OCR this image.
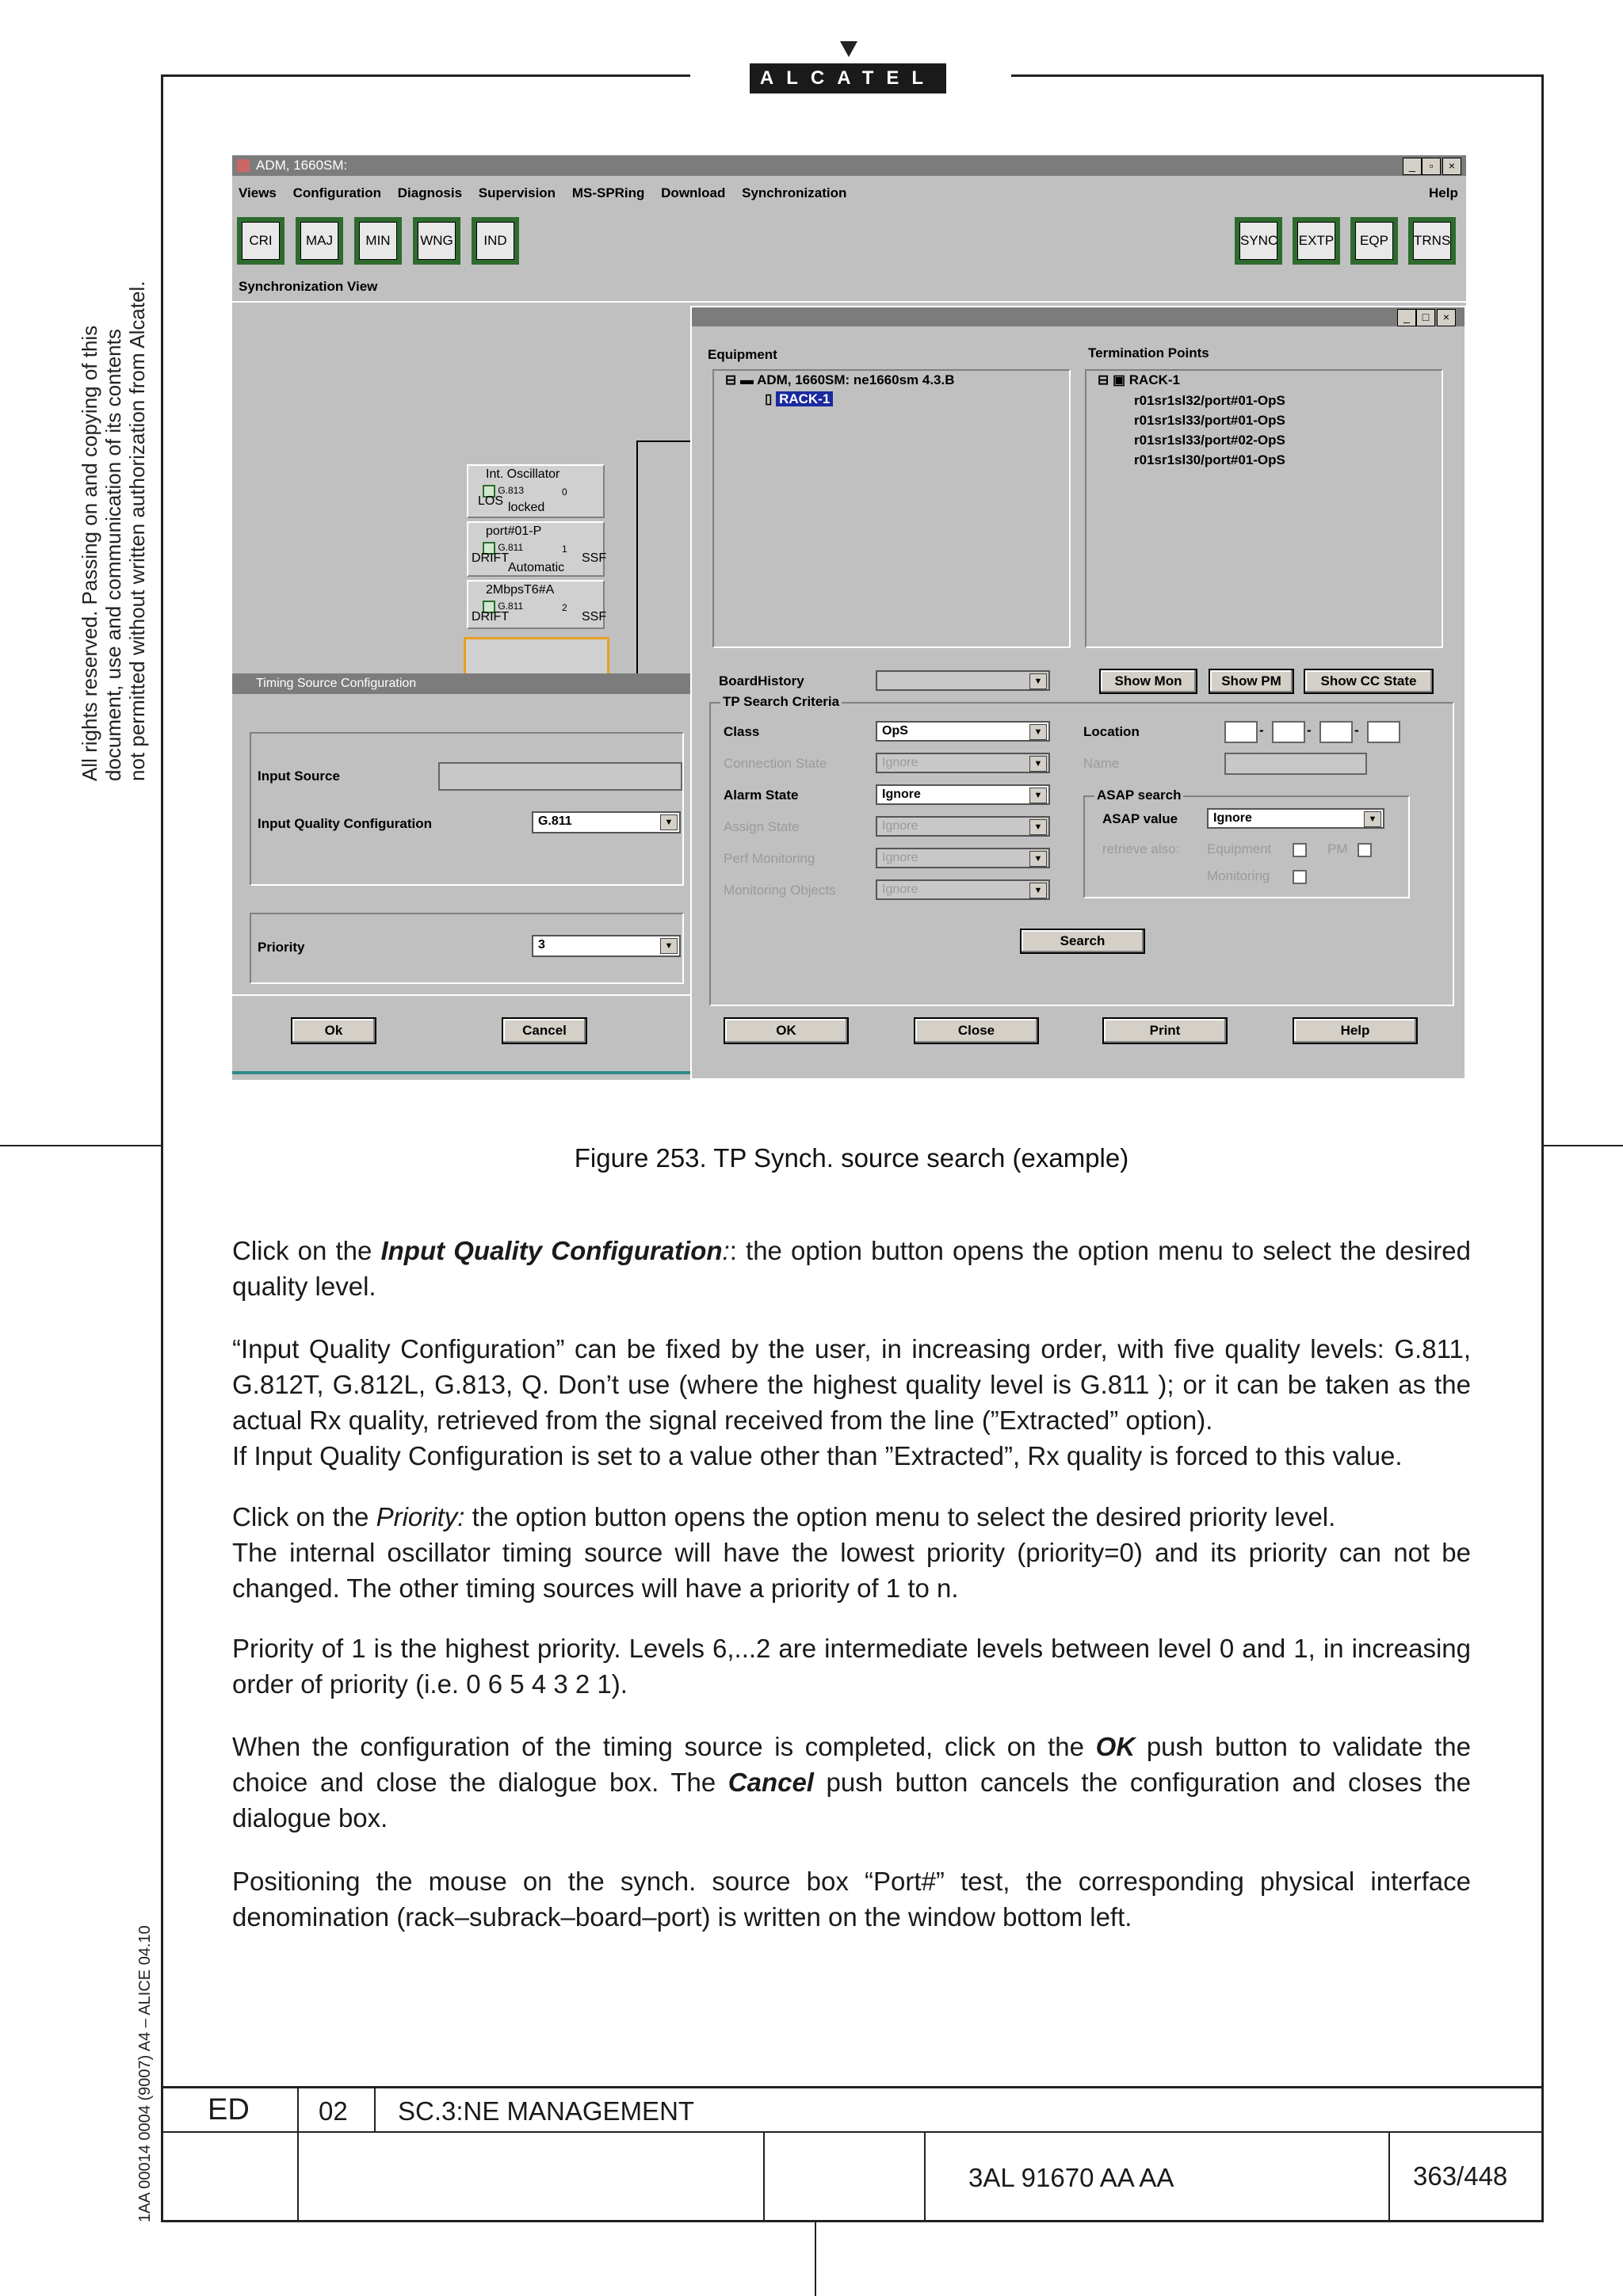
ALCATEL
All rights reserved. Passing on and copying of this document, use and communication of its contents not permitted without written authorization from Alcatel.
1AA 00014 0004 (9007) A4 – ALICE 04.10
ADM, 1660SM:	_	▫	×
Views Configuration Diagnosis Supervision MS-SPRing Download Synchronization	Help
CRI	MAJ	MIN	WNG	IND	SYNC EXTP	EQP	TRNS
Synchronization View
Int. Oscillator
G.813	0
LOS locked
port#01-P
G.811	1
DRIFT	SSF
Automatic
2MbpsT6#A
G.811	2
DRIFT	SSF
Timing Source Configuration
Input Source
Input Quality Configuration	G.811	▼
Priority	3	▼
Ok	Cancel
_	□	×
Equipment	Termination Points
⊟ ▬ ADM, 1660SM: ne1660sm 4.3.B
▯ RACK-1
⊟ ▣ RACK-1
r01sr1sl32/port#01-OpS
r01sr1sl33/port#01-OpS
r01sr1sl33/port#02-OpS
r01sr1sl30/port#01-OpS
BoardHistory	▼	Show Mon	Show PM	Show CC State
TP Search Criteria
Class	OpS	▼
Connection State	Ignore	▼
Alarm State	Ignore	▼
Assign State	Ignore	▼
Perf Monitoring	Ignore	▼
Monitoring Objects	Ignore	▼
Location	-	-	-
Name
ASAP search
ASAP value	Ignore	▼
retrieve also: Equipment	PM
Monitoring
Search
OK	Close	Print	Help
Figure 253. TP Synch. source search (example)
Click on the Input Quality Configuration:: the option button opens the option menu to select the desired quality level.
“Input Quality Configuration” can be fixed by the user, in increasing order, with five quality levels: G.811, G.812T, G.812L, G.813, Q. Don’t use (where the highest quality level is G.811 ); or it can be taken as the actual Rx quality, retrieved from the signal received from the line (”Extracted” option).
If Input Quality Configuration is set to a value other than ”Extracted”, Rx quality is forced to this value.
Click on the Priority: the option button opens the option menu to select the desired priority level.
The internal oscillator timing source will have the lowest priority (priority=0) and its priority can not be changed. The other timing sources will have a priority of 1 to n.
Priority of 1 is the highest priority. Levels 6,...2 are intermediate levels between level 0 and 1, in increasing order of priority (i.e. 0 6 5 4 3 2 1).
When the configuration of the timing source is completed, click on the OK push button to validate the choice and close the dialogue box. The Cancel push button cancels the configuration and closes the dialogue box.
Positioning the mouse on the synch. source box “Port#” test, the corresponding physical interface denomination (rack–subrack–board–port) is written on the window bottom left.
ED	02 SC.3:NE MANAGEMENT
3AL 91670 AA AA	363/448
